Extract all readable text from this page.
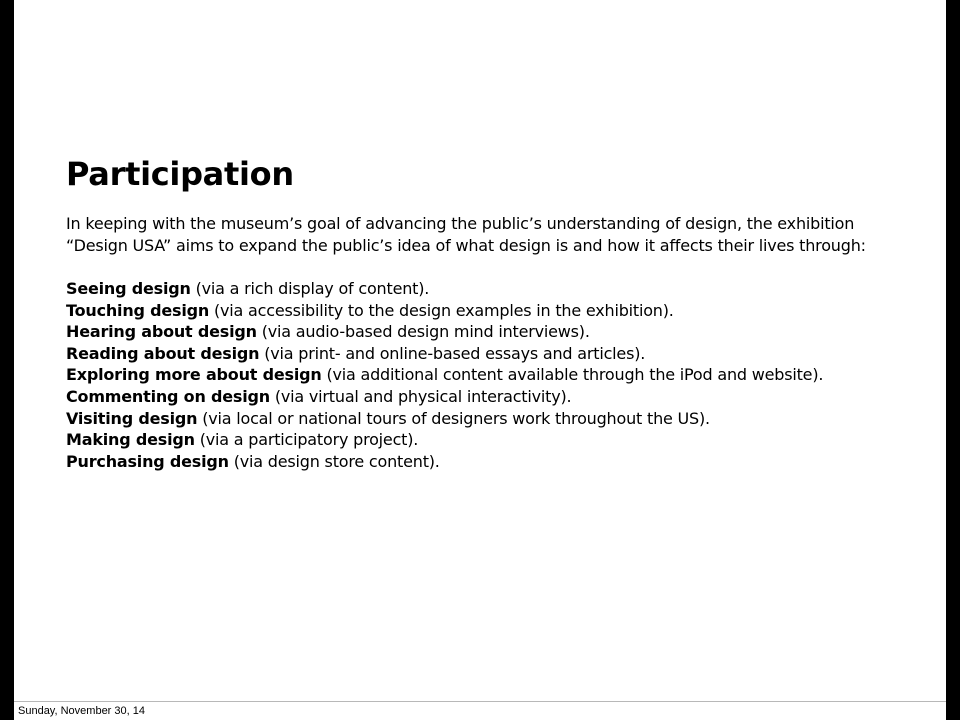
Participation

In keeping with the museum’s goal of advancing the public’s understanding of design, the exhibition
“Design USA” aims to expand the public’s idea of what design is and how it affects their lives through:

Seeing design (via a rich display of content).
Touching design (via accessibility to the design examples in the exhibition).
Hearing about design (via audio-based design mind interviews).
Reading about design (via print- and online-based essays and articles).
Exploring more about design (via additional content available through the iPod and website).
Commenting on design (via virtual and physical interactivity).
Visiting design (via local or national tours of designers work throughout the US).
Making design (via a participatory project).
Purchasing design (via design store content).
Sunday, November 30, 14
